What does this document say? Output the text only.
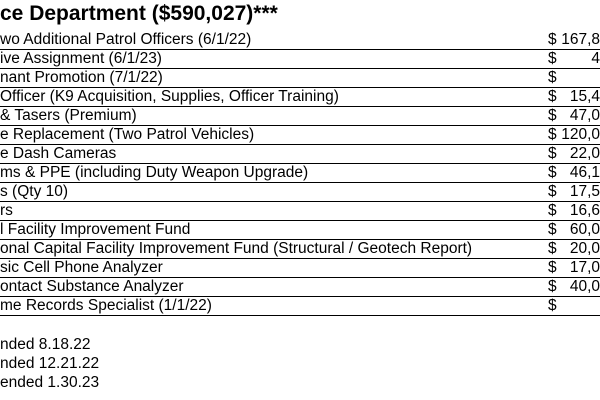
ce Department ($590,027)***
wo Additional Patrol Officers (6/1/22)	$ 167,8
ive Assignment (6/1/23)	$ 4
nant Promotion (7/1/22)	$
Officer (K9 Acquisition, Supplies, Officer Training)	$ 15,4
& Tasers (Premium)	$ 47,0
e Replacement (Two Patrol Vehicles)	$ 120,0
e Dash Cameras	$ 22,0
ms & PPE (including Duty Weapon Upgrade)	$ 46,1
s (Qty 10)	$ 17,5
rs	$ 16,6
l Facility Improvement Fund	$ 60,0
onal Capital Facility Improvement Fund (Structural / Geotech Report)	$ 20,0
sic Cell Phone Analyzer	$ 17,0
ontact Substance Analyzer	$ 40,0
me Records Specialist (1/1/22)	$
nded 8.18.22
nded 12.21.22
ended 1.30.23
